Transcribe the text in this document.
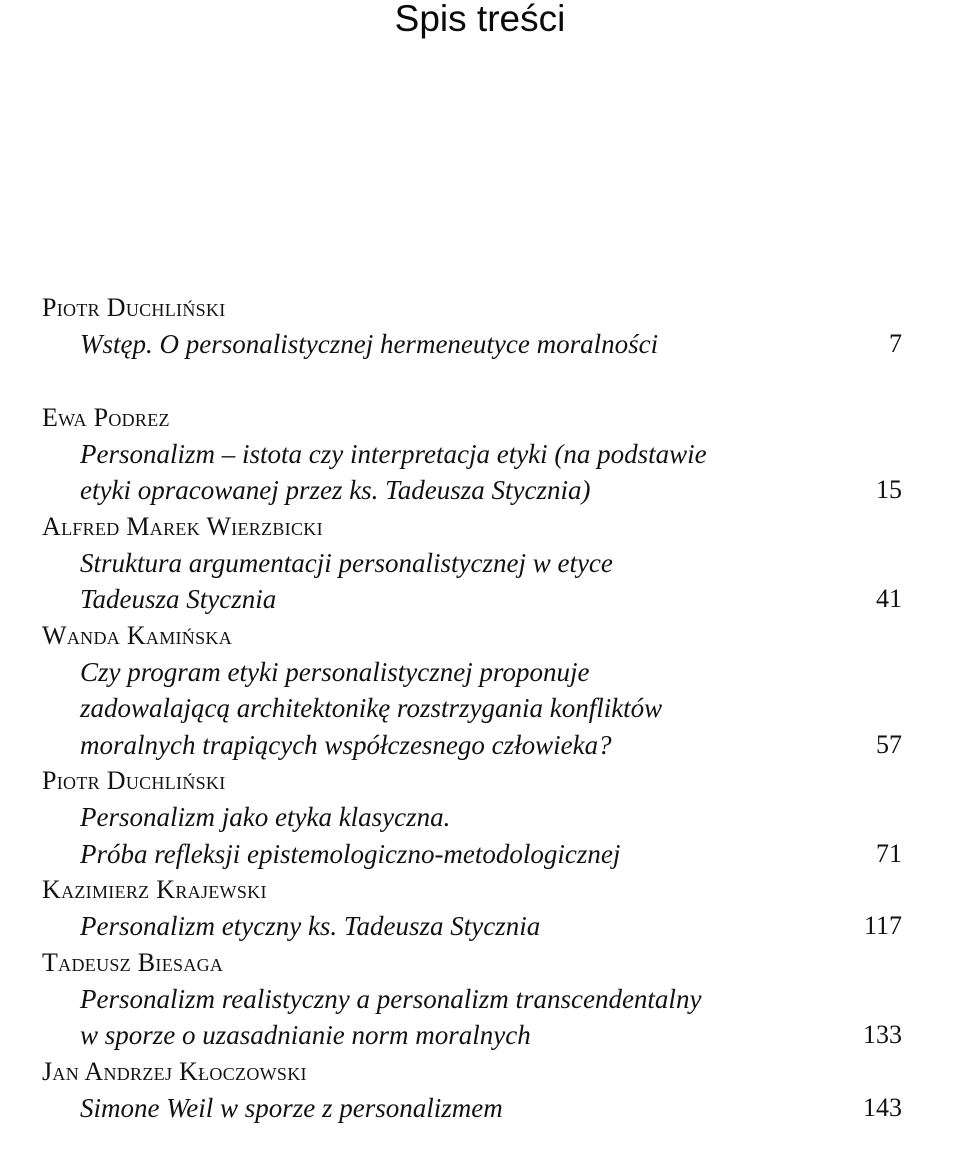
Spis treści
Piotr Duchliński
Wstęp. O personalistycznej hermeneutyce moralności	7
Ewa Podrez
Personalizm – istota czy interpretacja etyki (na podstawie
etyki opracowanej przez ks. Tadeusza Stycznia)	15
Alfred Marek Wierzbicki
Struktura argumentacji personalistycznej w etyce
Tadeusza Stycznia	41
Wanda Kamińska
Czy program etyki personalistycznej proponuje
zadowalającą architektonikę rozstrzygania konfliktów
moralnych trapiących współczesnego człowieka?	57
Piotr Duchliński
Personalizm jako etyka klasyczna.
Próba refleksji epistemologiczno-metodologicznej	71
Kazimierz Krajewski
Personalizm etyczny ks. Tadeusza Stycznia	117
Tadeusz Biesaga
Personalizm realistyczny a personalizm transcendentalny
w sporze o uzasadnianie norm moralnych	133
Jan Andrzej Kłoczowski
Simone Weil w sporze z personalizmem	143
